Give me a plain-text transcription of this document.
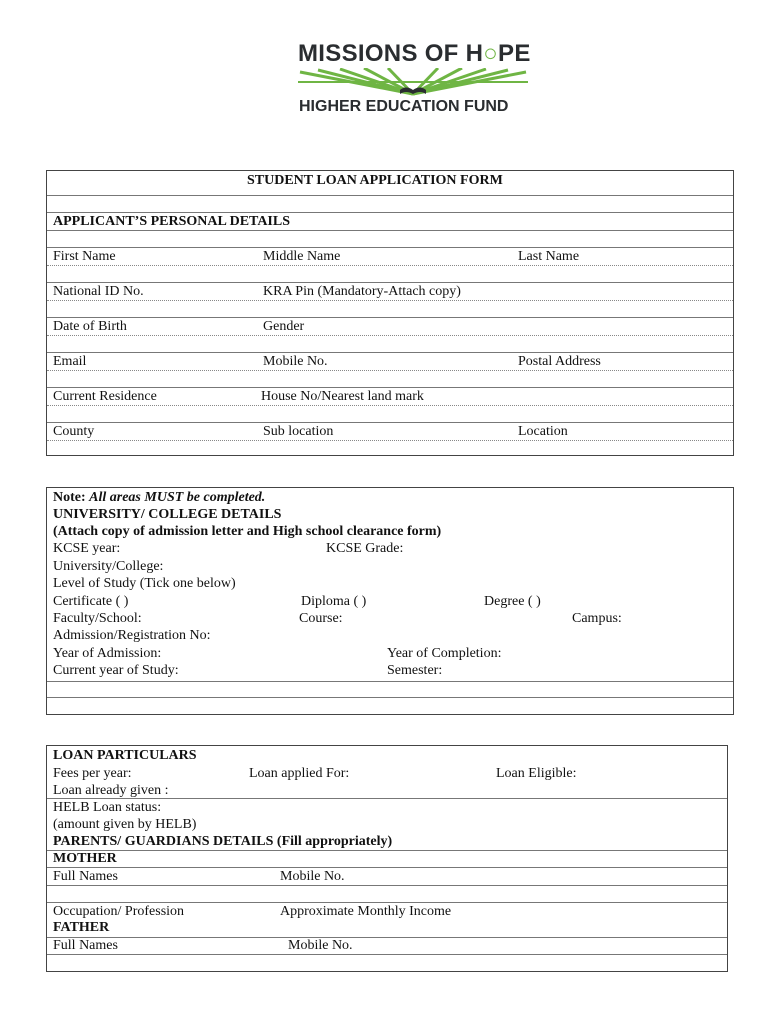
MISSIONS OF H○PE
HIGHER EDUCATION FUND
STUDENT LOAN APPLICATION FORM
APPLICANT’S PERSONAL DETAILS
First Name	Middle Name	Last Name
National ID No.	KRA Pin (Mandatory-Attach copy)
Date of Birth	Gender
Email	Mobile No.	Postal Address
Current Residence	House No/Nearest land mark
County	Sub location	Location
Note: All areas MUST be completed.
UNIVERSITY/ COLLEGE DETAILS
(Attach copy of admission letter and High school clearance form)
KCSE year:	KCSE Grade:
University/College:
Level of Study (Tick one below)
Certificate ( )	Diploma ( )	Degree ( )
Faculty/School:	Course:	Campus:
Admission/Registration No:
Year of Admission:	Year of Completion:
Current year of Study:	Semester:
LOAN PARTICULARS
Fees per year:	Loan applied For:	Loan Eligible:
Loan already given :
HELB Loan status:
(amount given by HELB)
PARENTS/ GUARDIANS DETAILS (Fill appropriately)
MOTHER
Full Names	Mobile No.
Occupation/ Profession	Approximate Monthly Income
FATHER
Full Names	Mobile No.
